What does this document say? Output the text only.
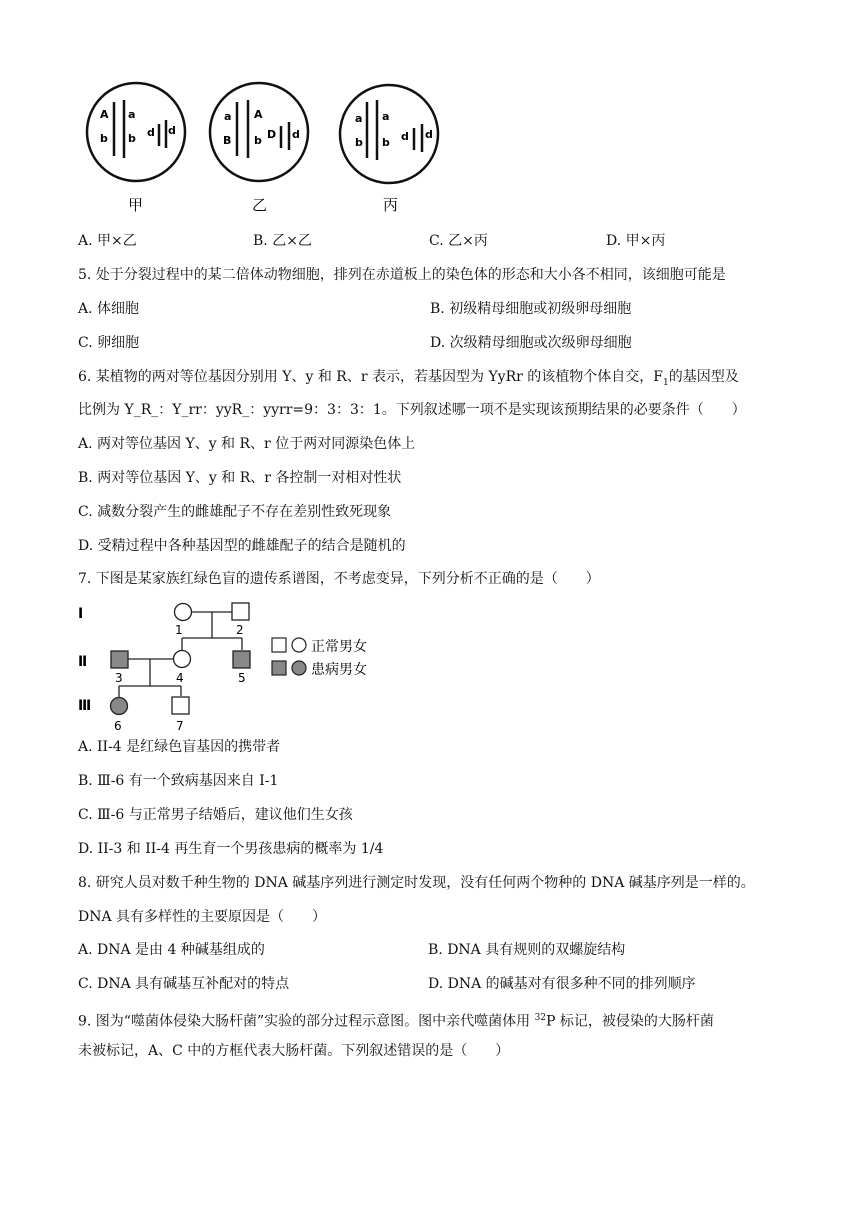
A
b
a
b d d
a
B
A
b D d
a
b
a
b d d
甲	乙	丙
A. 甲×乙	B. 乙×乙	C. 乙×丙	D. 甲×丙
5. 处于分裂过程中的某二倍体动物细胞，排列在赤道板上的染色体的形态和大小各不相同，该细胞可能是
A. 体细胞	B. 初级精母细胞或初级卵母细胞
C. 卵细胞	D. 次级精母细胞或次级卵母细胞
6. 某植物的两对等位基因分别用 Y、y 和 R、r 表示，若基因型为 YyRr 的该植物个体自交，$F_1$的基因型及
比例为 Y_R_：Y_rr：yyR_：yyrr=9：3：3：1。下列叙述哪一项不是实现该预期结果的必要条件（　　）
A. 两对等位基因 Y、y 和 R、r 位于两对同源染色体上
B. 两对等位基因 Y、y 和 R、r 各控制一对相对性状
C. 减数分裂产生的雌雄配子不存在差别性致死现象
D. 受精过程中各种基因型的雌雄配子的结合是随机的
7. 下图是某家族红绿色盲的遗传系谱图，不考虑变异，下列分析不正确的是（　　）
Ⅰ
Ⅱ
Ⅲ
1	2
3	4	5
6	7
正常男女
患病男女
A. II-4 是红绿色盲基因的携带者
B. Ⅲ-6 有一个致病基因来自 I-1
C. Ⅲ-6 与正常男子结婚后，建议他们生女孩
D. II-3 和 II-4 再生育一个男孩患病的概率为 1/4
8. 研究人员对数千种生物的 DNA 碱基序列进行测定时发现，没有任何两个物种的 DNA 碱基序列是一样的。
DNA 具有多样性的主要原因是（　　）
A. DNA 是由 4 种碱基组成的	B. DNA 具有规则的双螺旋结构
C. DNA 具有碱基互补配对的特点	D. DNA 的碱基对有很多种不同的排列顺序
9. 图为“噬菌体侵染大肠杆菌”实验的部分过程示意图。图中亲代噬菌体用 $^{32}$P 标记，被侵染的大肠杆菌
未被标记，A、C 中的方框代表大肠杆菌。下列叙述错误的是（　　）
